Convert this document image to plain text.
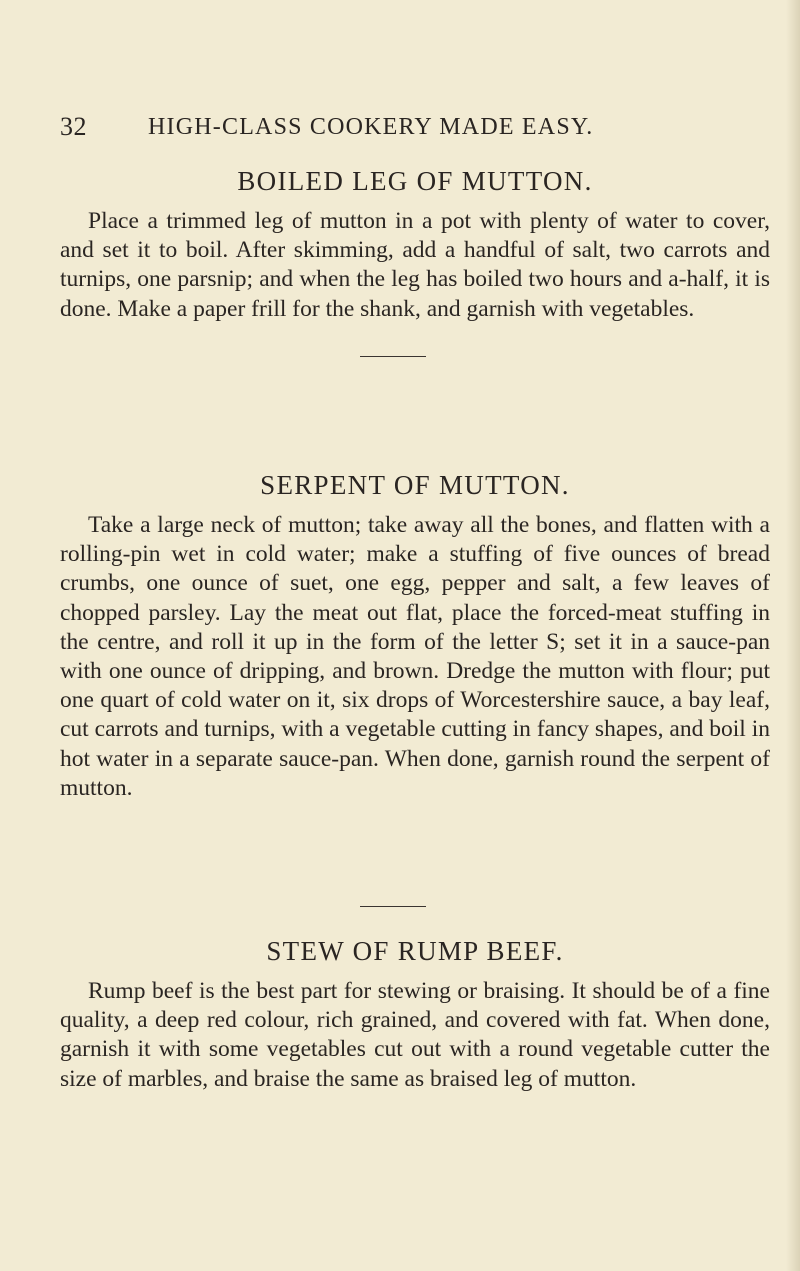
32	HIGH-CLASS COOKERY MADE EASY.
BOILED LEG OF MUTTON.

Place a trimmed leg of mutton in a pot with plenty of water to cover, and set it to boil. After skimming, add a handful of salt, two carrots and turnips, one parsnip; and when the leg has boiled two hours and a-half, it is done. Make a paper frill for the shank, and garnish with vegetables.

SERPENT OF MUTTON.

Take a large neck of mutton; take away all the bones, and flatten with a rolling-pin wet in cold water; make a stuffing of five ounces of bread crumbs, one ounce of suet, one egg, pepper and salt, a few leaves of chopped parsley. Lay the meat out flat, place the forced-meat stuffing in the centre, and roll it up in the form of the letter S; set it in a sauce-pan with one ounce of dripping, and brown. Dredge the mutton with flour; put one quart of cold water on it, six drops of Worcestershire sauce, a bay leaf, cut carrots and turnips, with a vegetable cutting in fancy shapes, and boil in hot water in a separate sauce-pan. When done, garnish round the serpent of mutton.

STEW OF RUMP BEEF.

Rump beef is the best part for stewing or braising. It should be of a fine quality, a deep red colour, rich grained, and covered with fat. When done, garnish it with some vegetables cut out with a round vegetable cutter the size of marbles, and braise the same as braised leg of mutton.
